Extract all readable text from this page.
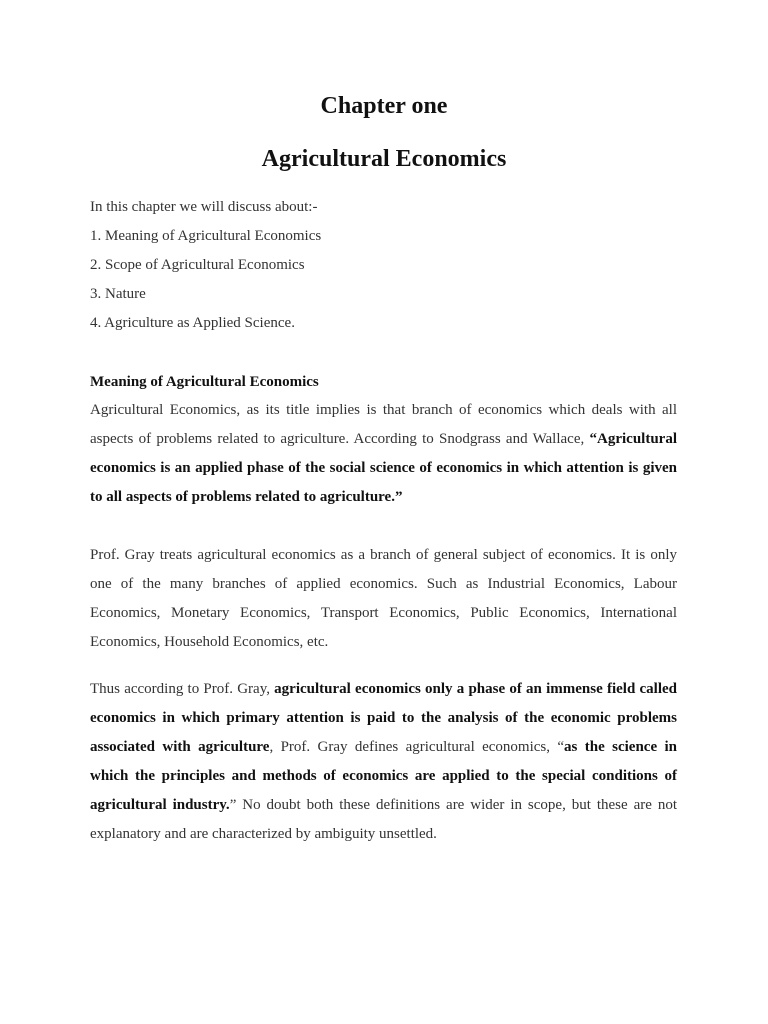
Chapter one
Agricultural Economics
In this chapter we will discuss about:-
1. Meaning of Agricultural Economics
2. Scope of Agricultural Economics
3. Nature
4. Agriculture as Applied Science.
Meaning of Agricultural Economics

Agricultural Economics, as its title implies is that branch of economics which deals with all aspects of problems related to agriculture. According to Snodgrass and Wallace, “Agricultural economics is an applied phase of the social science of economics in which attention is given to all aspects of problems related to agriculture.”

Prof. Gray treats agricultural economics as a branch of general subject of economics. It is only one of the many branches of applied economics. Such as Industrial Economics, Labour Economics, Monetary Economics, Transport Economics, Public Economics, International Economics, Household Economics, etc.

Thus according to Prof. Gray, agricultural economics only a phase of an immense field called economics in which primary attention is paid to the analysis of the economic problems associated with agriculture, Prof. Gray defines agricultural economics, “as the science in which the principles and methods of economics are applied to the special conditions of agricultural industry.” No doubt both these definitions are wider in scope, but these are not explanatory and are characterized by ambiguity unsettled.
